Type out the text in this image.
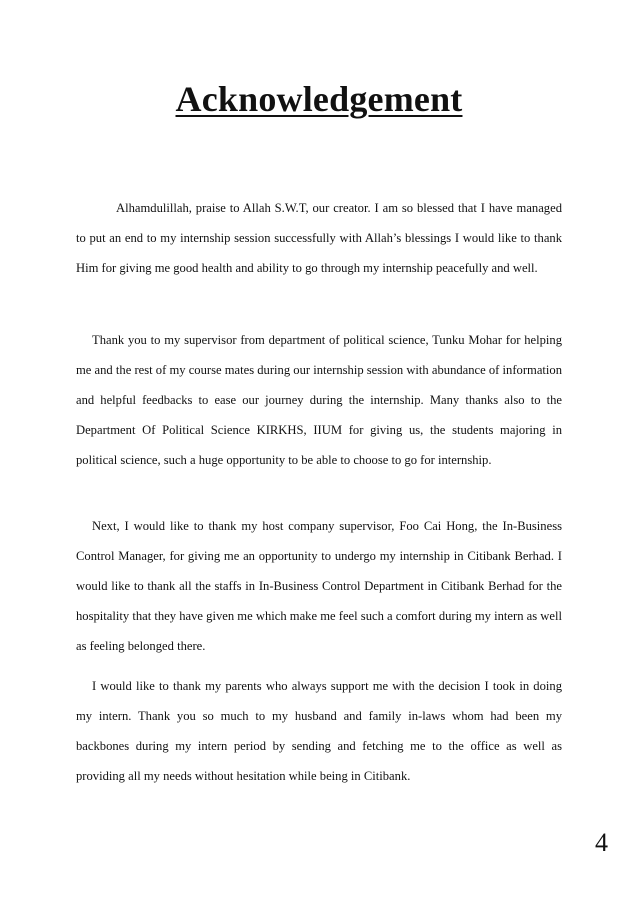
Acknowledgement

Alhamdulillah, praise to Allah S.W.T, our creator. I am so blessed that I have managed to put an end to my internship session successfully with Allah’s blessings I would like to thank Him for giving me good health and ability to go through my internship peacefully and well.

Thank you to my supervisor from department of political science, Tunku Mohar for helping me and the rest of my course mates during our internship session with abundance of information and helpful feedbacks to ease our journey during the internship. Many thanks also to the Department Of Political Science KIRKHS, IIUM for giving us, the students majoring in political science, such a huge opportunity to be able to choose to go for internship.

Next, I would like to thank my host company supervisor, Foo Cai Hong, the In-Business Control Manager, for giving me an opportunity to undergo my internship in Citibank Berhad. I would like to thank all the staffs in In-Business Control Department in Citibank Berhad for the hospitality that they have given me which make me feel such a comfort during my intern as well as feeling belonged there.

I would like to thank my parents who always support me with the decision I took in doing my intern. Thank you so much to my husband and family in-laws whom had been my backbones during my intern period by sending and fetching me to the office as well as providing all my needs without hesitation while being in Citibank.

4
